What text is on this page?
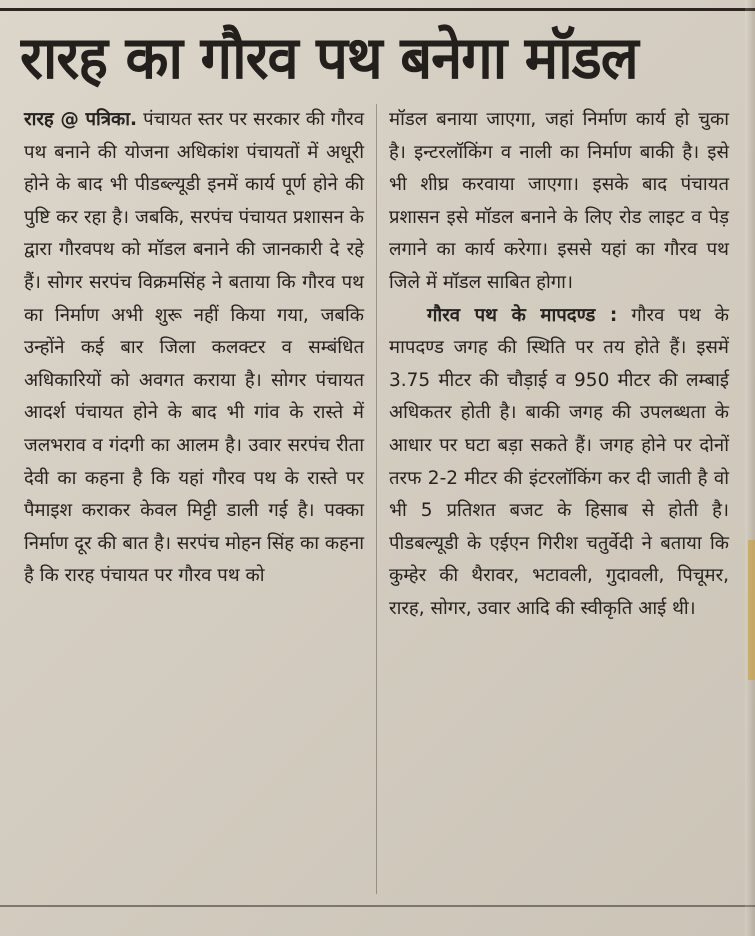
रारह का गौरव पथ बनेगा मॉडल

रारह @ पत्रिका. पंचायत स्तर पर सरकार की गौरव पथ बनाने की योजना अधिकांश पंचायतों में अधूरी होने के बाद भी पीडब्ल्यूडी इनमें कार्य पूर्ण होने की पुष्टि कर रहा है। जबकि, सरपंच पंचायत प्रशासन के द्वारा गौरवपथ को मॉडल बनाने की जानकारी दे रहे हैं। सोगर सरपंच विक्रमसिंह ने बताया कि गौरव पथ का निर्माण अभी शुरू नहीं किया गया, जबकि उन्होंने कई बार जिला कलक्टर व सम्बंधित अधिकारियों को अवगत कराया है। सोगर पंचायत आदर्श पंचायत होने के बाद भी गांव के रास्ते में जलभराव व गंदगी का आलम है। उवार सरपंच रीता देवी का कहना है कि यहां गौरव पथ के रास्ते पर पैमाइश कराकर केवल मिट्टी डाली गई है। पक्का निर्माण दूर की बात है। सरपंच मोहन सिंह का कहना है कि रारह पंचायत पर गौरव पथ को

मॉडल बनाया जाएगा, जहां निर्माण कार्य हो चुका है। इन्टरलॉकिंग व नाली का निर्माण बाकी है। इसे भी शीघ्र करवाया जाएगा। इसके बाद पंचायत प्रशासन इसे मॉडल बनाने के लिए रोड लाइट व पेड़ लगाने का कार्य करेगा। इससे यहां का गौरव पथ जिले में मॉडल साबित होगा।

गौरव पथ के मापदण्ड : गौरव पथ के मापदण्ड जगह की स्थिति पर तय होते हैं। इसमें 3.75 मीटर की चौड़ाई व 950 मीटर की लम्बाई अधिकतर होती है। बाकी जगह की उपलब्धता के आधार पर घटा बड़ा सकते हैं। जगह होने पर दोनों तरफ 2-2 मीटर की इंटरलॉकिंग कर दी जाती है वो भी 5 प्रतिशत बजट के हिसाब से होती है। पीडबल्यूडी के एईएन गिरीश चतुर्वेदी ने बताया कि कुम्हेर की थैरावर, भटावली, गुदावली, पिचूमर, रारह, सोगर, उवार आदि की स्वीकृति आई थी।
